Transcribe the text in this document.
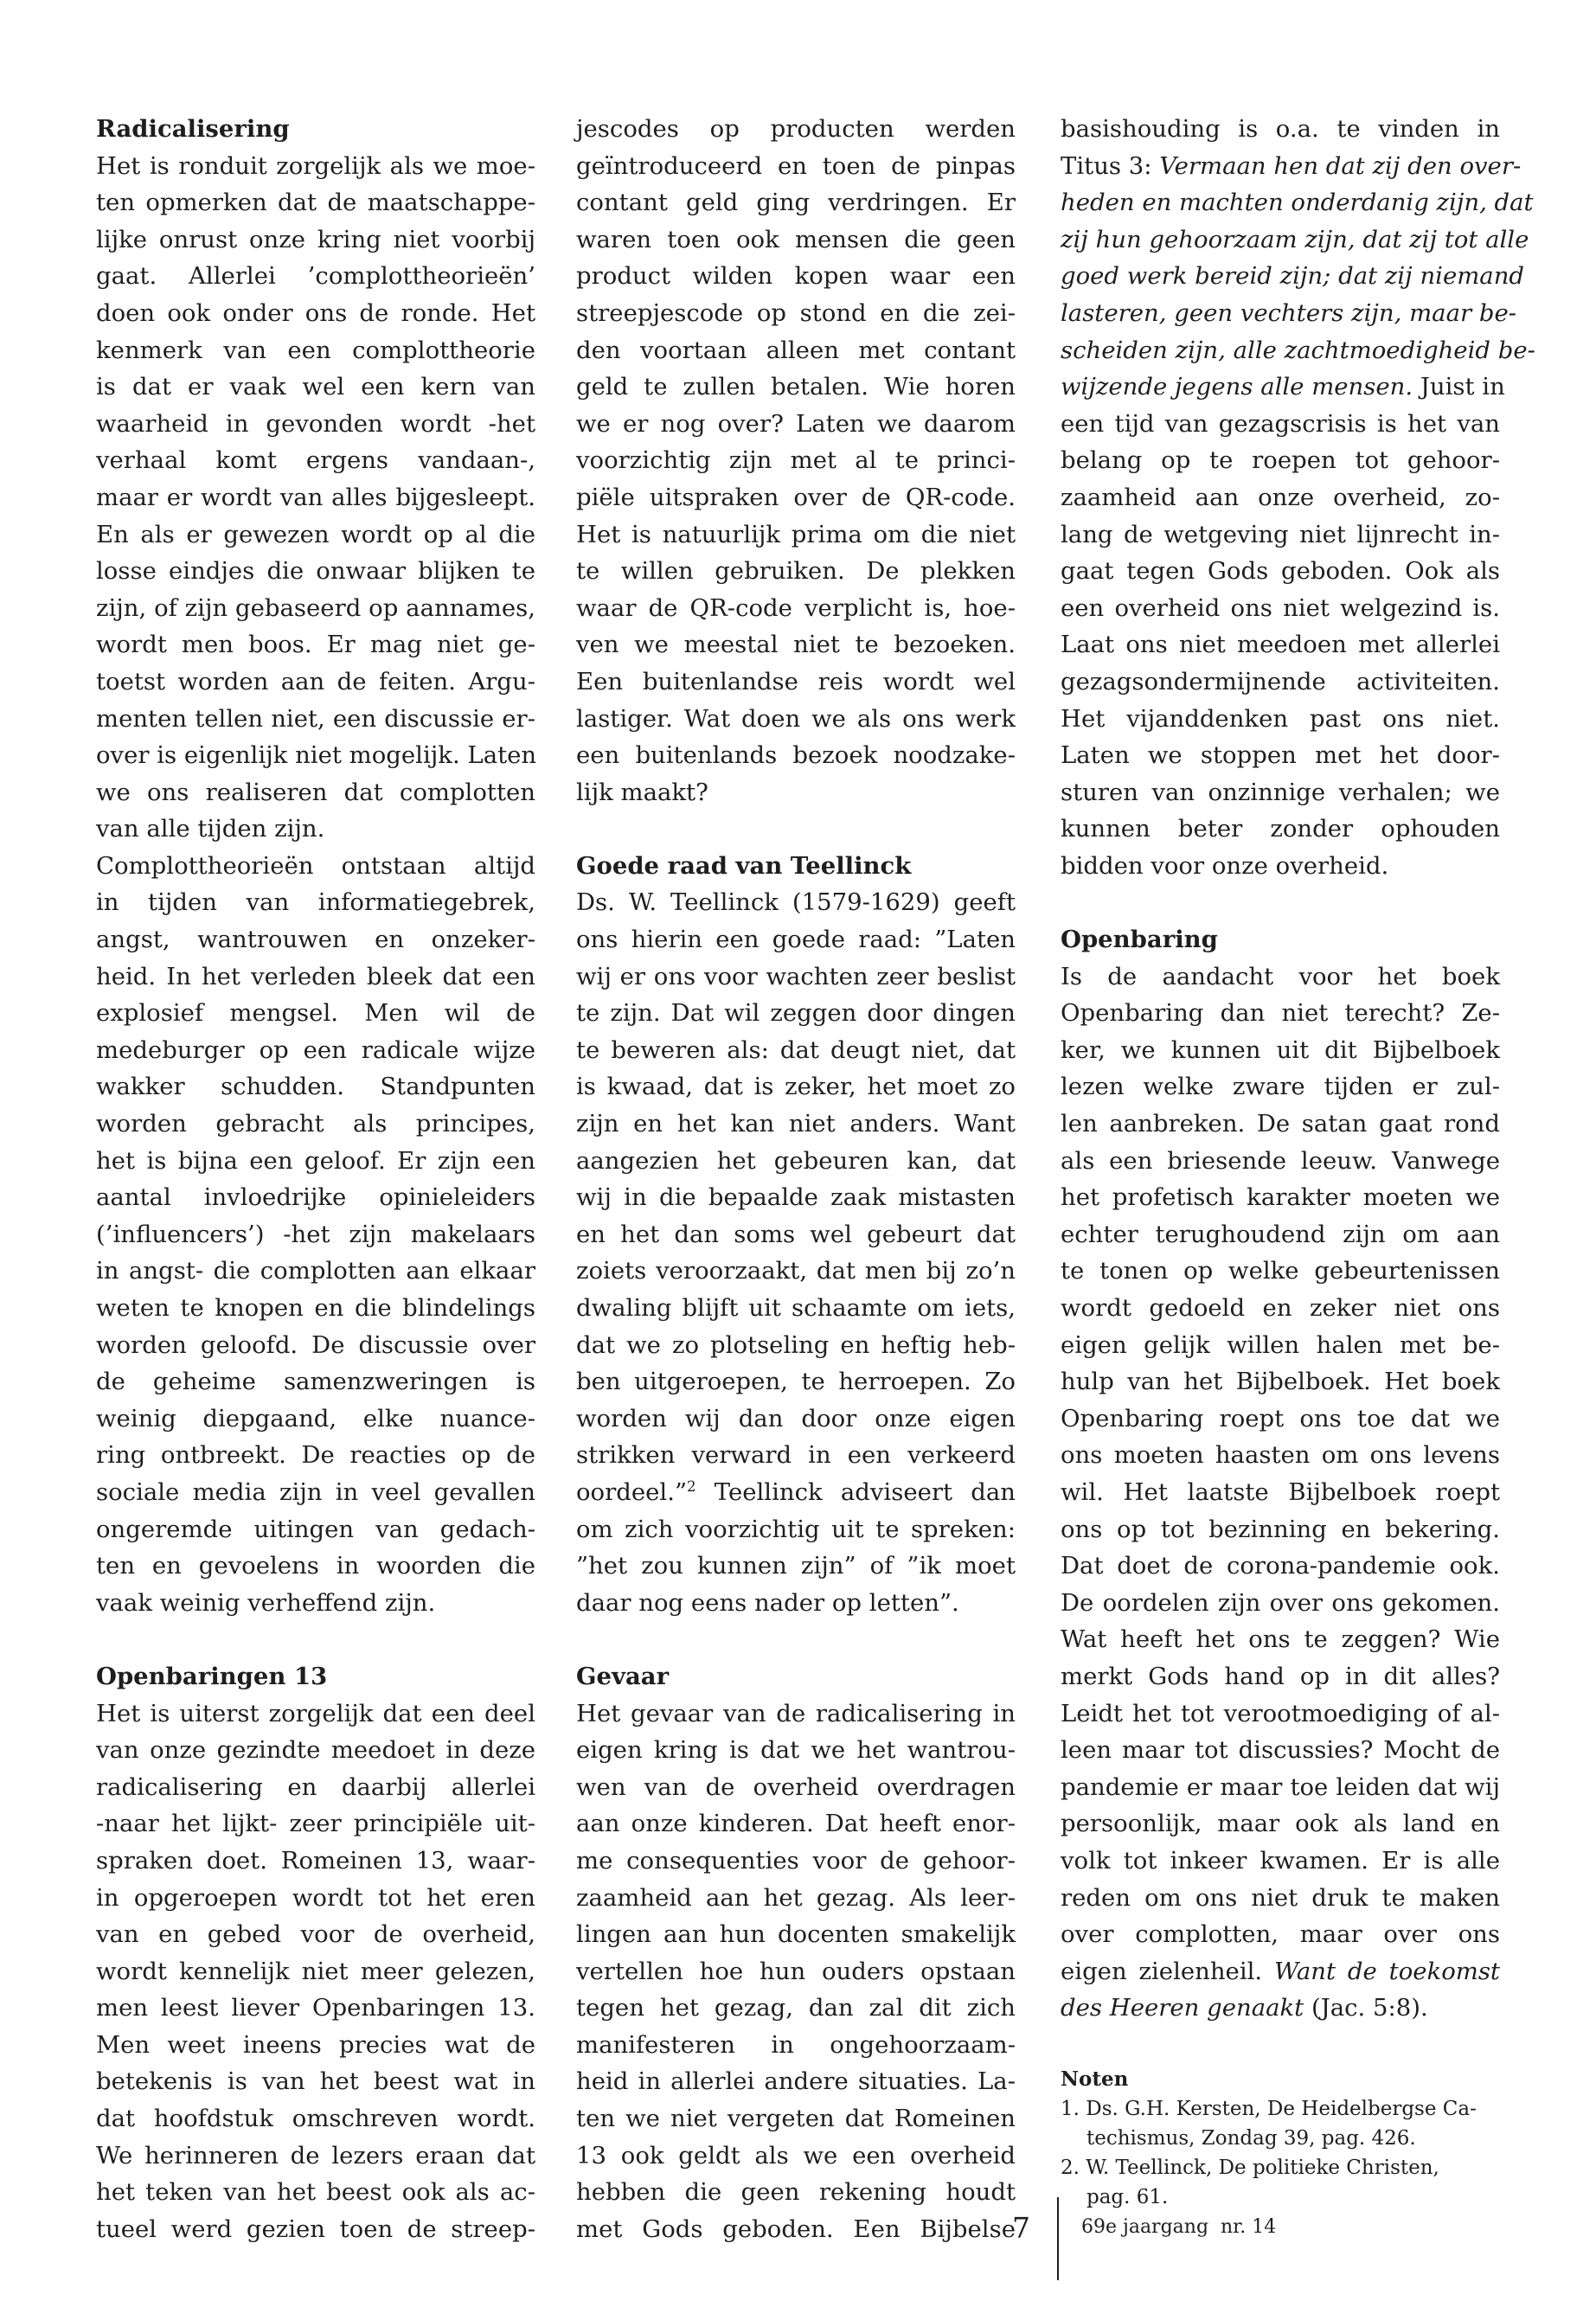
Radicalisering
Het is ronduit zorgelijk als we moe-
ten opmerken dat de maatschappe-
lijke onrust onze kring niet voorbij
gaat. Allerlei ’complottheorieën’
doen ook onder ons de ronde. Het
kenmerk van een complottheorie
is dat er vaak wel een kern van
waarheid in gevonden wordt -het
verhaal komt ergens vandaan-,
maar er wordt van alles bijgesleept.
En als er gewezen wordt op al die
losse eindjes die onwaar blijken te
zijn, of zijn gebaseerd op aannames,
wordt men boos. Er mag niet ge-
toetst worden aan de feiten. Argu-
menten tellen niet, een discussie er-
over is eigenlijk niet mogelijk. Laten
we ons realiseren dat complotten
van alle tijden zijn.
Complottheorieën ontstaan altijd
in tijden van informatiegebrek,
angst, wantrouwen en onzeker-
heid. In het verleden bleek dat een
explosief mengsel. Men wil de
medeburger op een radicale wijze
wakker schudden. Standpunten
worden gebracht als principes,
het is bijna een geloof. Er zijn een
aantal invloedrijke opinieleiders
(’influencers’) -het zijn makelaars
in angst- die complotten aan elkaar
weten te knopen en die blindelings
worden geloofd. De discussie over
de geheime samenzweringen is
weinig diepgaand, elke nuance-
ring ontbreekt. De reacties op de
sociale media zijn in veel gevallen
ongeremde uitingen van gedach-
ten en gevoelens in woorden die
vaak weinig verheffend zijn.
Openbaringen 13
Het is uiterst zorgelijk dat een deel
van onze gezindte meedoet in deze
radicalisering en daarbij allerlei
-naar het lijkt- zeer principiële uit-
spraken doet. Romeinen 13, waar-
in opgeroepen wordt tot het eren
van en gebed voor de overheid,
wordt kennelijk niet meer gelezen,
men leest liever Openbaringen 13.
Men weet ineens precies wat de
betekenis is van het beest wat in
dat hoofdstuk omschreven wordt.
We herinneren de lezers eraan dat
het teken van het beest ook als ac-
tueel werd gezien toen de streep-
jescodes op producten werden
geïntroduceerd en toen de pinpas
contant geld ging verdringen. Er
waren toen ook mensen die geen
product wilden kopen waar een
streepjescode op stond en die zei-
den voortaan alleen met contant
geld te zullen betalen. Wie horen
we er nog over? Laten we daarom
voorzichtig zijn met al te princi-
piële uitspraken over de QR-code.
Het is natuurlijk prima om die niet
te willen gebruiken. De plekken
waar de QR-code verplicht is, hoe-
ven we meestal niet te bezoeken.
Een buitenlandse reis wordt wel
lastiger. Wat doen we als ons werk
een buitenlands bezoek noodzake-
lijk maakt?
Goede raad van Teellinck
Ds. W. Teellinck (1579-1629) geeft
ons hierin een goede raad: ”Laten
wij er ons voor wachten zeer beslist
te zijn. Dat wil zeggen door dingen
te beweren als: dat deugt niet, dat
is kwaad, dat is zeker, het moet zo
zijn en het kan niet anders. Want
aangezien het gebeuren kan, dat
wij in die bepaalde zaak mistasten
en het dan soms wel gebeurt dat
zoiets veroorzaakt, dat men bij zo’n
dwaling blijft uit schaamte om iets,
dat we zo plotseling en heftig heb-
ben uitgeroepen, te herroepen. Zo
worden wij dan door onze eigen
strikken verward in een verkeerd
oordeel.”$^2$ Teellinck adviseert dan
om zich voorzichtig uit te spreken:
”het zou kunnen zijn” of ”ik moet
daar nog eens nader op letten”.
Gevaar
Het gevaar van de radicalisering in
eigen kring is dat we het wantrou-
wen van de overheid overdragen
aan onze kinderen. Dat heeft enor-
me consequenties voor de gehoor-
zaamheid aan het gezag. Als leer-
lingen aan hun docenten smakelijk
vertellen hoe hun ouders opstaan
tegen het gezag, dan zal dit zich
manifesteren in ongehoorzaam-
heid in allerlei andere situaties. La-
ten we niet vergeten dat Romeinen
13 ook geldt als we een overheid
hebben die geen rekening houdt
met Gods geboden. Een Bijbelse
basishouding is o.a. te vinden in
Titus 3: Vermaan hen dat zij den over-
heden en machten onderdanig zijn, dat
zij hun gehoorzaam zijn, dat zij tot alle
goed werk bereid zijn; dat zij niemand
lasteren, geen vechters zijn, maar be-
scheiden zijn, alle zachtmoedigheid be-
wijzende jegens alle mensen. Juist in
een tijd van gezagscrisis is het van
belang op te roepen tot gehoor-
zaamheid aan onze overheid, zo-
lang de wetgeving niet lijnrecht in-
gaat tegen Gods geboden. Ook als
een overheid ons niet welgezind is.
Laat ons niet meedoen met allerlei
gezagsondermijnende activiteiten.
Het vijanddenken past ons niet.
Laten we stoppen met het door-
sturen van onzinnige verhalen; we
kunnen beter zonder ophouden
bidden voor onze overheid.
Openbaring
Is de aandacht voor het boek
Openbaring dan niet terecht? Ze-
ker, we kunnen uit dit Bijbelboek
lezen welke zware tijden er zul-
len aanbreken. De satan gaat rond
als een briesende leeuw. Vanwege
het profetisch karakter moeten we
echter terughoudend zijn om aan
te tonen op welke gebeurtenissen
wordt gedoeld en zeker niet ons
eigen gelijk willen halen met be-
hulp van het Bijbelboek. Het boek
Openbaring roept ons toe dat we
ons moeten haasten om ons levens
wil. Het laatste Bijbelboek roept
ons op tot bezinning en bekering.
Dat doet de corona-pandemie ook.
De oordelen zijn over ons gekomen.
Wat heeft het ons te zeggen? Wie
merkt Gods hand op in dit alles?
Leidt het tot verootmoediging of al-
leen maar tot discussies? Mocht de
pandemie er maar toe leiden dat wij
persoonlijk, maar ook als land en
volk tot inkeer kwamen. Er is alle
reden om ons niet druk te maken
over complotten, maar over ons
eigen zielenheil. Want de toekomst
des Heeren genaakt (Jac. 5:8).
Noten
1. Ds. G.H. Kersten, De Heidelbergse Ca-
techismus, Zondag 39, pag. 426.
2. W. Teellinck, De politieke Christen,
pag. 61.
7	69e jaargang  nr. 14
